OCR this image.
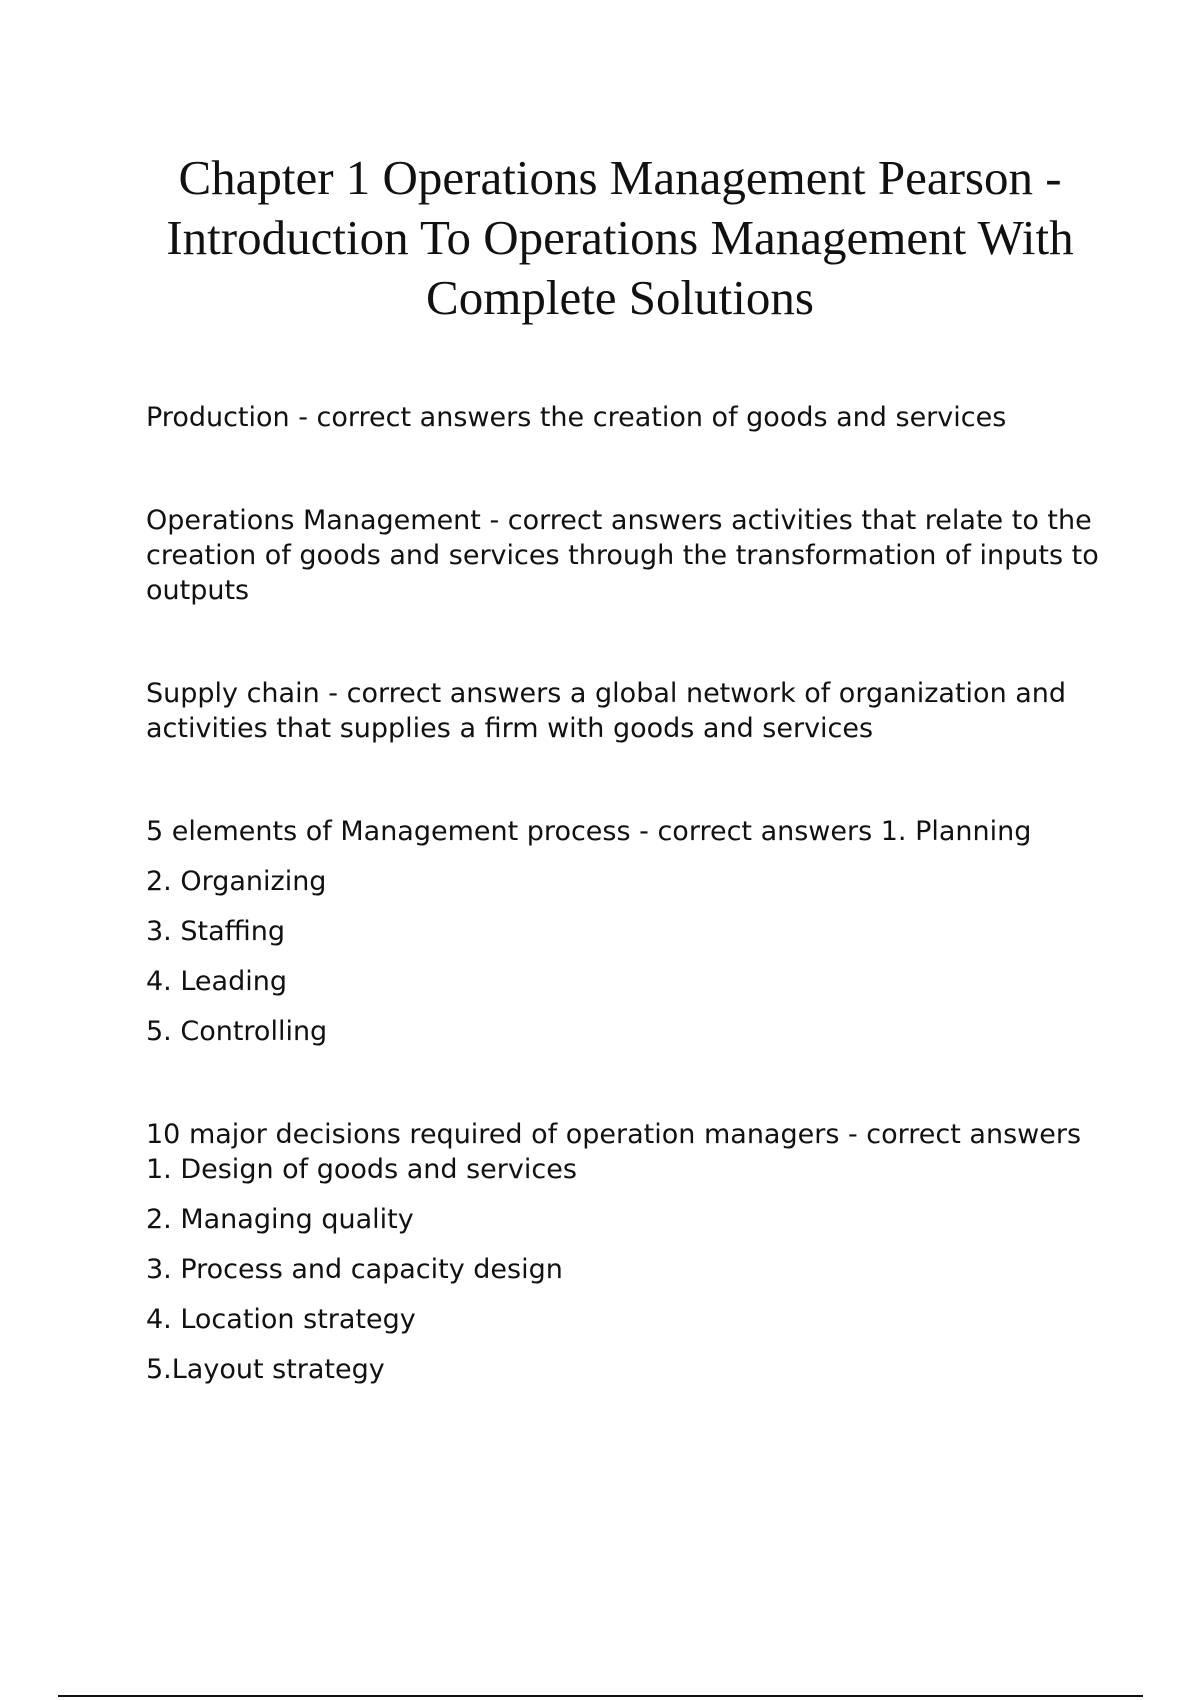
Chapter 1 Operations Management Pearson - Introduction To Operations Management With Complete Solutions

Production - correct answers the creation of goods and services

Operations Management - correct answers activities that relate to the creation of goods and services through the transformation of inputs to outputs

Supply chain - correct answers a global network of organization and activities that supplies a firm with goods and services

5 elements of Management process - correct answers 1. Planning

2. Organizing

3. Staffing

4. Leading

5. Controlling

10 major decisions required of operation managers - correct answers 1. Design of goods and services

2. Managing quality

3. Process and capacity design

4. Location strategy

5.Layout strategy
